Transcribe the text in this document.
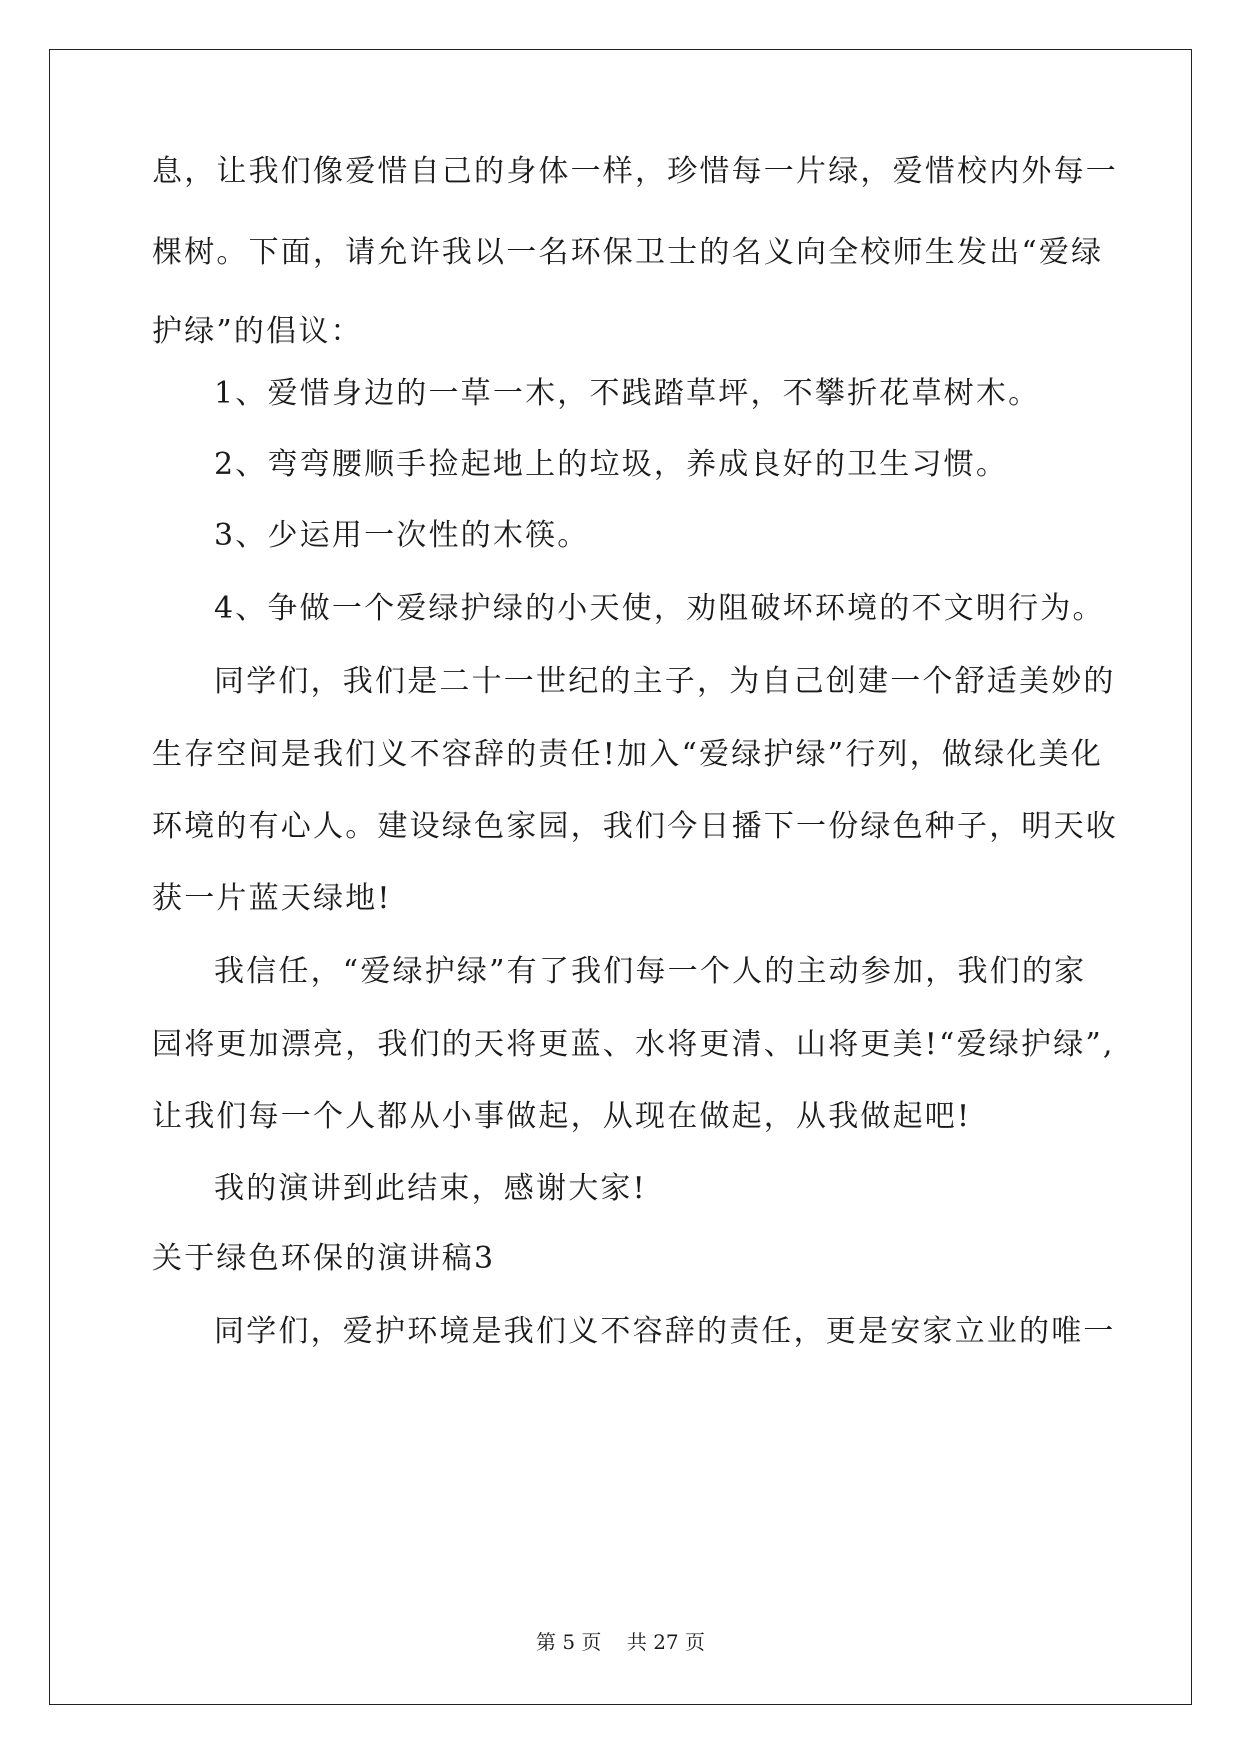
息，让我们像爱惜自己的身体一样，珍惜每一片绿，爱惜校内外每一
棵树。下面，请允许我以一名环保卫士的名义向全校师生发出“爱绿
护绿”的倡议：
1、爱惜身边的一草一木，不践踏草坪，不攀折花草树木。
2、弯弯腰顺手捡起地上的垃圾，养成良好的卫生习惯。
3、少运用一次性的木筷。
4、争做一个爱绿护绿的小天使，劝阻破坏环境的不文明行为。
同学们，我们是二十一世纪的主子，为自己创建一个舒适美妙的
生存空间是我们义不容辞的责任!加入“爱绿护绿”行列，做绿化美化
环境的有心人。建设绿色家园，我们今日播下一份绿色种子，明天收
获一片蓝天绿地!
我信任，“爱绿护绿”有了我们每一个人的主动参加，我们的家
园将更加漂亮，我们的天将更蓝、水将更清、山将更美!“爱绿护绿”,
让我们每一个人都从小事做起，从现在做起，从我做起吧!
我的演讲到此结束，感谢大家!
关于绿色环保的演讲稿3
同学们，爱护环境是我们义不容辞的责任，更是安家立业的唯一
第 5 页    共 27 页
